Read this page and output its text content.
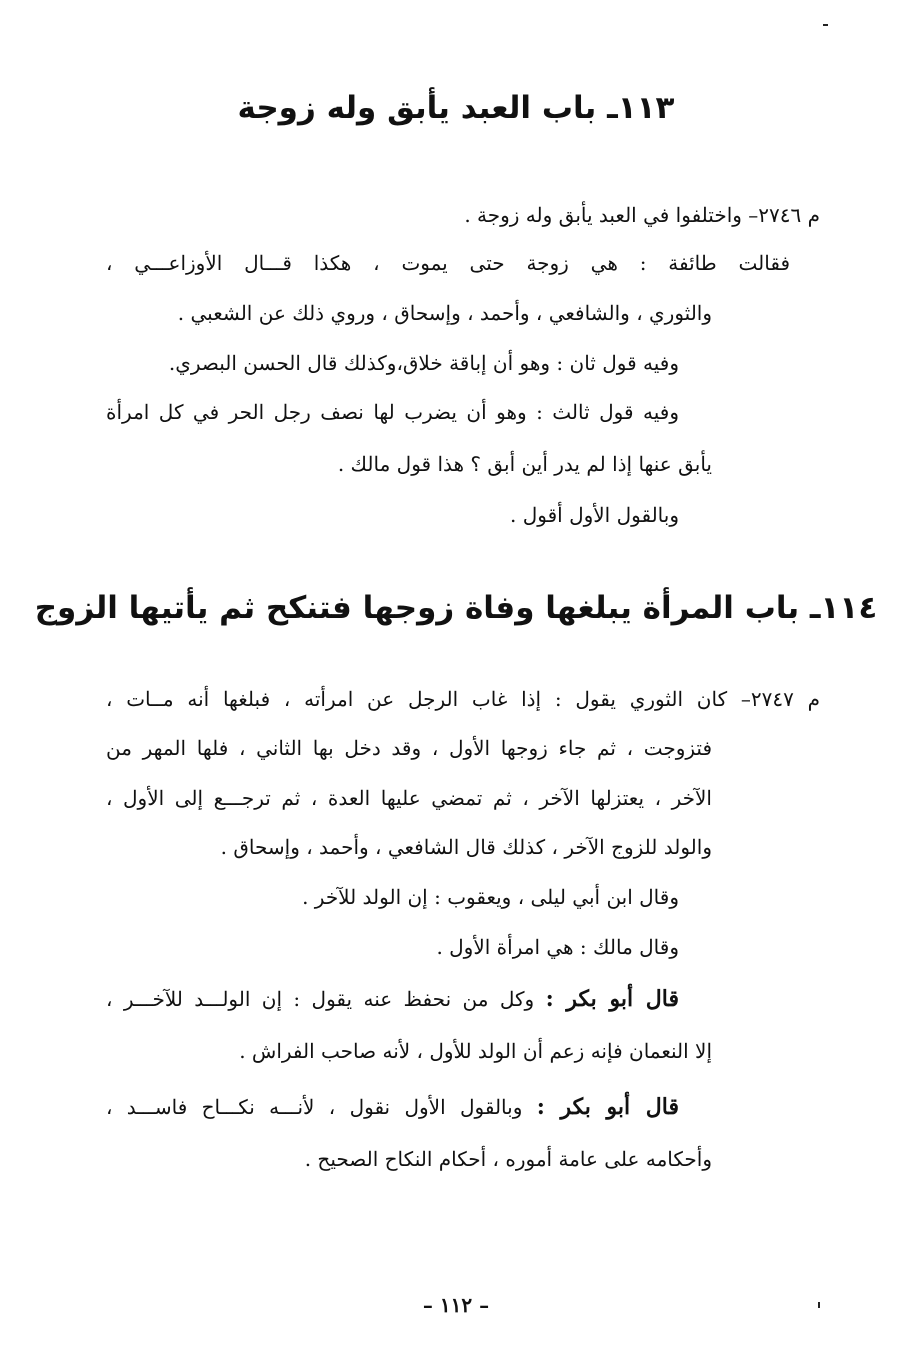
١١٣ـ باب العبد يأبق وله زوجة
م ٢٧٤٦– واختلفوا في العبد يأبق وله زوجة .
فقالت طائفة : هي زوجة حتى يموت ، هكذا قـــال الأوزاعـــي ،
والثوري ، والشافعي ، وأحمد ، وإسحاق ، وروي ذلك عن الشعبي .
وفيه قول ثان : وهو أن إباقة خلاق،وكذلك قال الحسن البصري.
وفيه قول ثالث : وهو أن يضرب لها نصف رجل الحر في كل امرأة
يأبق عنها إذا لم يدر أين أبق ؟ هذا قول مالك .
وبالقول الأول أقول .
١١٤ـ باب المرأة يبلغها وفاة زوجها فتنكح ثم يأتيها الزوج
م ٢٧٤٧– كان الثوري يقول : إذا غاب الرجل عن امرأته ، فبلغها أنه مــات ،
فتزوجت ، ثم جاء زوجها الأول ، وقد دخل بها الثاني ، فلها المهر من
الآخر ، يعتزلها الآخر ، ثم تمضي عليها العدة ، ثم ترجـــع إلى الأول ،
والولد للزوج الآخر ، كذلك قال الشافعي ، وأحمد ، وإسحاق .
وقال ابن أبي ليلى ، ويعقوب : إن الولد للآخر .
وقال مالك : هي امرأة الأول .
قال أبو بكر : وكل من نحفظ عنه يقول : إن الولـــد للآخـــر ،
إلا النعمان فإنه زعم أن الولد للأول ، لأنه صاحب الفراش .
قال أبو بكر : وبالقول الأول نقول ، لأنـــه نكـــاح فاســـد ،
وأحكامه على عامة أموره ، أحكام النكاح الصحيح .
– ١١٢ –
